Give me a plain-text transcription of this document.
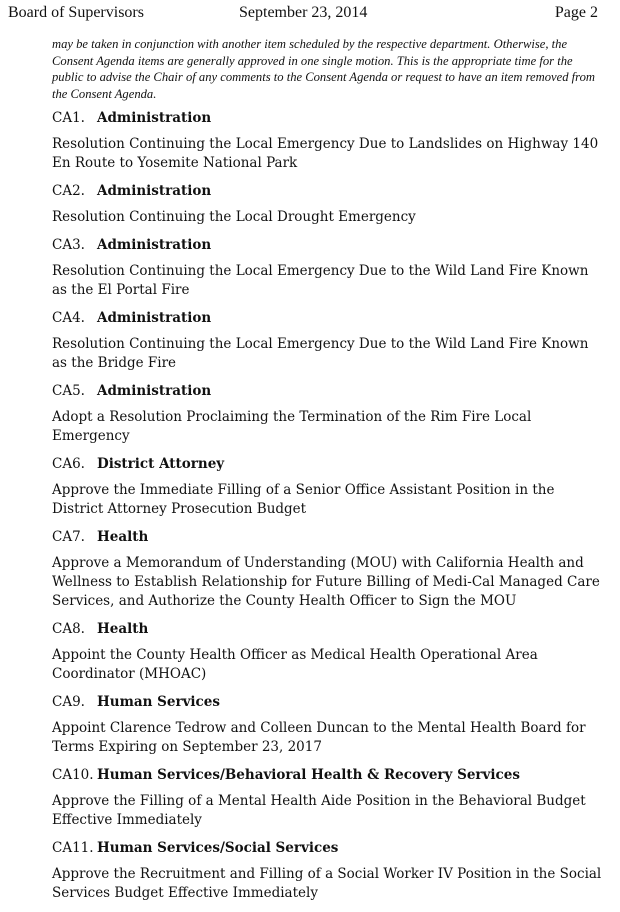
Board of Supervisors	September 23, 2014	Page 2
may be taken in conjunction with another item scheduled by the respective department. Otherwise, the Consent Agenda items are generally approved in one single motion. This is the appropriate time for the public to advise the Chair of any comments to the Consent Agenda or request to have an item removed from the Consent Agenda.
CA1. Administration
Resolution Continuing the Local Emergency Due to Landslides on Highway 140 En Route to Yosemite National Park
CA2. Administration
Resolution Continuing the Local Drought Emergency
CA3. Administration
Resolution Continuing the Local Emergency Due to the Wild Land Fire Known as the El Portal Fire
CA4. Administration
Resolution Continuing the Local Emergency Due to the Wild Land Fire Known as the Bridge Fire
CA5. Administration
Adopt a Resolution Proclaiming the Termination of the Rim Fire Local Emergency
CA6. District Attorney
Approve the Immediate Filling of a Senior Office Assistant Position in the District Attorney Prosecution Budget
CA7. Health
Approve a Memorandum of Understanding (MOU) with California Health and Wellness to Establish Relationship for Future Billing of Medi-Cal Managed Care Services, and Authorize the County Health Officer to Sign the MOU
CA8. Health
Appoint the County Health Officer as Medical Health Operational Area Coordinator (MHOAC)
CA9. Human Services
Appoint Clarence Tedrow and Colleen Duncan to the Mental Health Board for Terms Expiring on September 23, 2017
CA10. Human Services/Behavioral Health & Recovery Services
Approve the Filling of a Mental Health Aide Position in the Behavioral Budget Effective Immediately
CA11. Human Services/Social Services
Approve the Recruitment and Filling of a Social Worker IV Position in the Social Services Budget Effective Immediately
